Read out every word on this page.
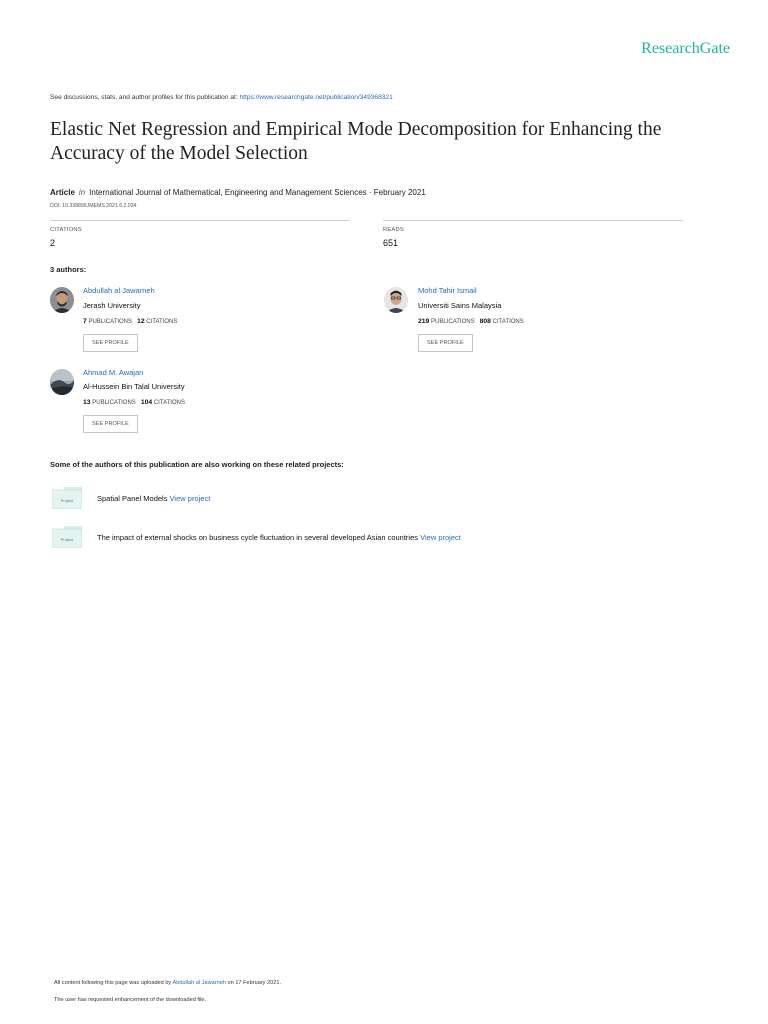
ResearchGate
See discussions, stats, and author profiles for this publication at: https://www.researchgate.net/publication/349368321
Elastic Net Regression and Empirical Mode Decomposition for Enhancing the Accuracy of the Model Selection
Article in International Journal of Mathematical, Engineering and Management Sciences · February 2021
DOI: 10.33889/IJMEMS.2021.6.2.034
CITATIONS
2
READS
651
3 authors:
Abdullah al Jawarneh
Jerash University
7 PUBLICATIONS 12 CITATIONS
SEE PROFILE
Mohd Tahir Ismail
Universiti Sains Malaysia
219 PUBLICATIONS 808 CITATIONS
SEE PROFILE
Ahmad M. Awajan
Al-Hussein Bin Talal University
13 PUBLICATIONS 104 CITATIONS
SEE PROFILE
Some of the authors of this publication are also working on these related projects:
Project	Spatial Panel Models View project
Project	The impact of external shocks on business cycle fluctuation in several developed Asian countries View project
All content following this page was uploaded by Abdullah al Jawarneh on 17 February 2021.
The user has requested enhancement of the downloaded file.
